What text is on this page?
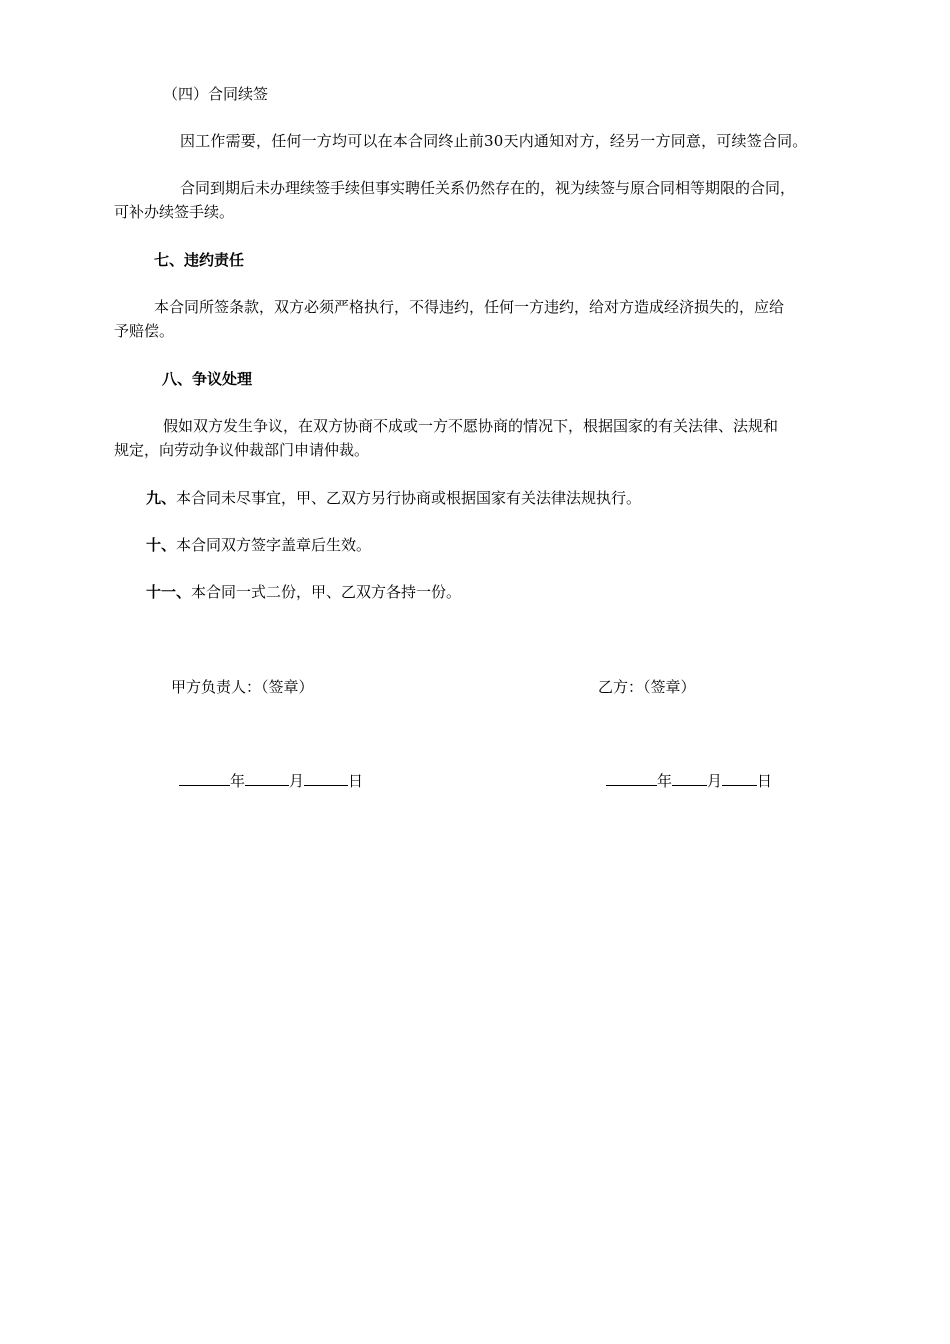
（四）合同续签

因工作需要，任何一方均可以在本合同终止前30天内通知对方，经另一方同意，可续签合同。

合同到期后未办理续签手续但事实聘任关系仍然存在的，视为续签与原合同相等期限的合同，

可补办续签手续。

七、违约责任

本合同所签条款，双方必须严格执行，不得违约，任何一方违约，给对方造成经济损失的，应给

予赔偿。

八、争议处理

假如双方发生争议，在双方协商不成或一方不愿协商的情况下，根据国家的有关法律、法规和

规定，向劳动争议仲裁部门申请仲裁。

九、本合同未尽事宜，甲、乙双方另行协商或根据国家有关法律法规执行。

十、本合同双方签字盖章后生效。

十一、本合同一式二份，甲、乙双方各持一份。

甲方负责人：（签章）	乙方：（签章）

年	月	日	年 月 日
